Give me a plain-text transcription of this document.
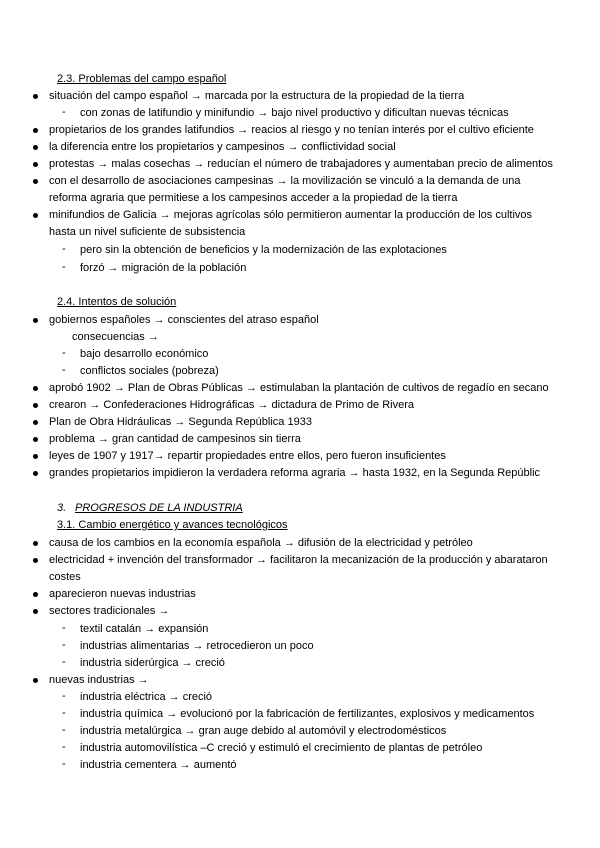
2.3. Problemas del campo español
situación del campo español → marcada por la estructura de la propiedad de la tierra
- con zonas de latifundio y minifundio → bajo nivel productivo y dificultan nuevas técnicas
propietarios de los grandes latifundios → reacios al riesgo y no tenían interés por el cultivo eficiente
la diferencia entre los propietarios y campesinos → conflictividad social
protestas → malas cosechas → reducían el número de trabajadores y aumentaban precio de alimentos
con el desarrollo de asociaciones campesinas → la movilización se vinculó a la demanda de una
reforma agraria que permitiese a los campesinos acceder a la propiedad de la tierra
minifundios de Galicia → mejoras agrícolas sólo permitieron aumentar la producción de los cultivos
hasta un nivel suficiente de subsistencia
- pero sin la obtención de beneficios y la modernización de las explotaciones
- forzó → migración de la población
2.4. Intentos de solución
gobiernos españoles → conscientes del atraso español
consecuencias →
- bajo desarrollo económico
- conflictos sociales (pobreza)
aprobó 1902 → Plan de Obras Públicas → estimulaban la plantación de cultivos de regadío en secano
crearon → Confederaciones Hidrográficas → dictadura de Primo de Rivera
Plan de Obra Hidráulicas → Segunda República 1933
problema → gran cantidad de campesinos sin tierra
leyes de 1907 y 1917→ repartir propiedades entre ellos, pero fueron insuficientes
grandes propietarios impidieron la verdadera reforma agraria → hasta 1932, en la Segunda Repúblic
3. PROGRESOS DE LA INDUSTRIA
3.1. Cambio energético y avances tecnológicos
causa de los cambios en la economía española → difusión de la electricidad y petróleo
electricidad + invención del transformador → facilitaron la mecanización de la producción y abarataron
costes
aparecieron nuevas industrias
sectores tradicionales →
- textil catalán → expansión
- industrias alimentarias → retrocedieron un poco
- industria siderúrgica → creció
nuevas industrias →
- industria eléctrica → creció
- industria química → evolucionó por la fabricación de fertilizantes, explosivos y medicamentos
- industria metalúrgica → gran auge debido al automóvil y electrodomésticos
- industria automovilística –C creció y estimuló el crecimiento de plantas de petróleo
- industria cementera → aumentó
